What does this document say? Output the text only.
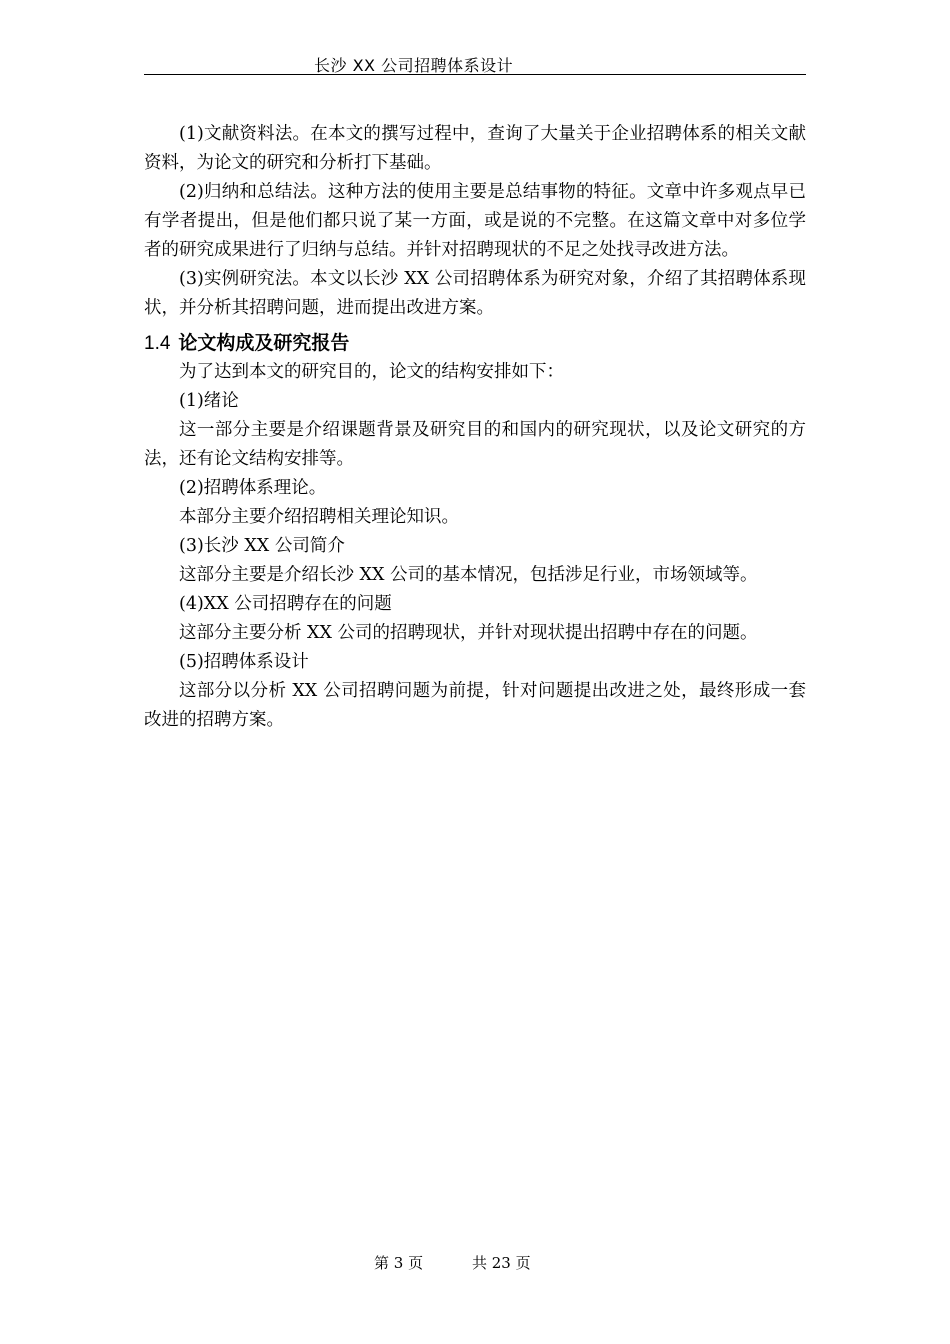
长沙 XX 公司招聘体系设计

(1)文献资料法。在本文的撰写过程中，查询了大量关于企业招聘体系的相关文献资料，为论文的研究和分析打下基础。

(2)归纳和总结法。这种方法的使用主要是总结事物的特征。文章中许多观点早已有学者提出，但是他们都只说了某一方面，或是说的不完整。在这篇文章中对多位学者的研究成果进行了归纳与总结。并针对招聘现状的不足之处找寻改进方法。

(3)实例研究法。本文以长沙 XX 公司招聘体系为研究对象，介绍了其招聘体系现状，并分析其招聘问题，进而提出改进方案。

1.4 论文构成及研究报告

为了达到本文的研究目的，论文的结构安排如下：

(1)绪论

这一部分主要是介绍课题背景及研究目的和国内的研究现状，以及论文研究的方法，还有论文结构安排等。

(2)招聘体系理论。

本部分主要介绍招聘相关理论知识。

(3)长沙 XX 公司简介

这部分主要是介绍长沙 XX 公司的基本情况，包括涉足行业，市场领域等。

(4)XX 公司招聘存在的问题

这部分主要分析 XX 公司的招聘现状，并针对现状提出招聘中存在的问题。

(5)招聘体系设计

这部分以分析 XX 公司招聘问题为前提，针对问题提出改进之处，最终形成一套改进的招聘方案。

第 3 页	共 23 页
